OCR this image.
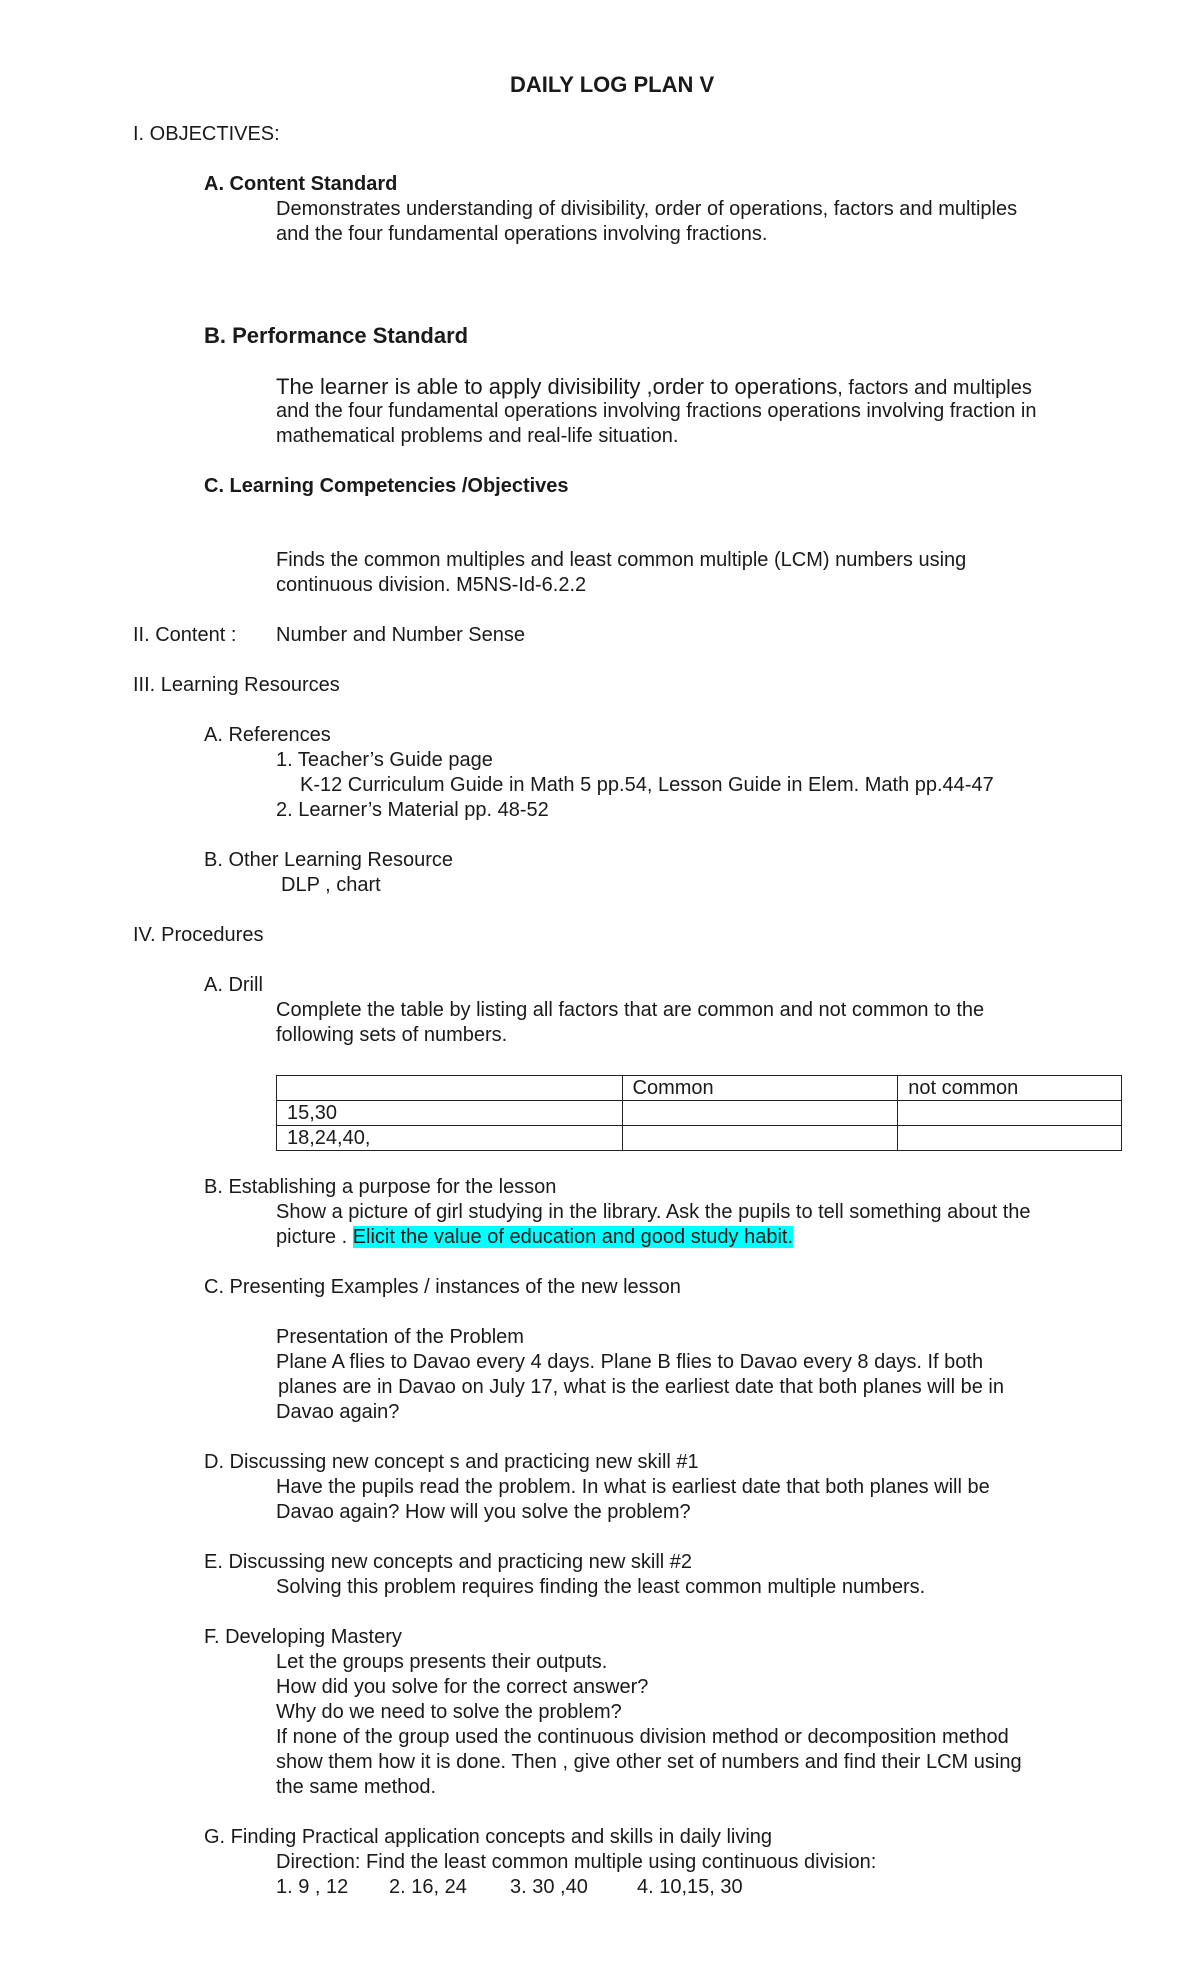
DAILY LOG PLAN V
I. OBJECTIVES:
A. Content Standard
Demonstrates understanding of divisibility, order of operations, factors and multiples
and the four fundamental operations involving fractions.
B. Performance Standard
The learner is able to apply divisibility ,order to operations, factors and multiples
and the four fundamental operations involving fractions operations involving fraction in
mathematical problems and real-life situation.
C. Learning Competencies /Objectives
Finds the common multiples and least common multiple (LCM) numbers using
continuous division. M5NS-Id-6.2.2
II. Content : Number and Number Sense
III. Learning Resources
A. References
1. Teacher’s Guide page
K-12 Curriculum Guide in Math 5 pp.54, Lesson Guide in Elem. Math pp.44-47
2. Learner’s Material pp. 48-52
B. Other Learning Resource
DLP , chart
IV. Procedures
A. Drill
Complete the table by listing all factors that are common and not common to the
following sets of numbers.
	Common	not common
15,30		
18,24,40,		
B. Establishing a purpose for the lesson
Show a picture of girl studying in the library. Ask the pupils to tell something about the
picture . Elicit the value of education and good study habit.
C. Presenting Examples / instances of the new lesson
Presentation of the Problem
Plane A flies to Davao every 4 days. Plane B flies to Davao every 8 days. If both
planes are in Davao on July 17, what is the earliest date that both planes will be in
Davao again?
D. Discussing new concept s and practicing new skill #1
Have the pupils read the problem. In what is earliest date that both planes will be
Davao again? How will you solve the problem?
E. Discussing new concepts and practicing new skill #2
Solving this problem requires finding the least common multiple numbers.
F. Developing Mastery
Let the groups presents their outputs.
How did you solve for the correct answer?
Why do we need to solve the problem?
If none of the group used the continuous division method or decomposition method
show them how it is done. Then , give other set of numbers and find their LCM using
the same method.
G. Finding Practical application concepts and skills in daily living
Direction: Find the least common multiple using continuous division:
1. 9 , 12 2. 16, 24 3. 30 ,40 4. 10,15, 30
